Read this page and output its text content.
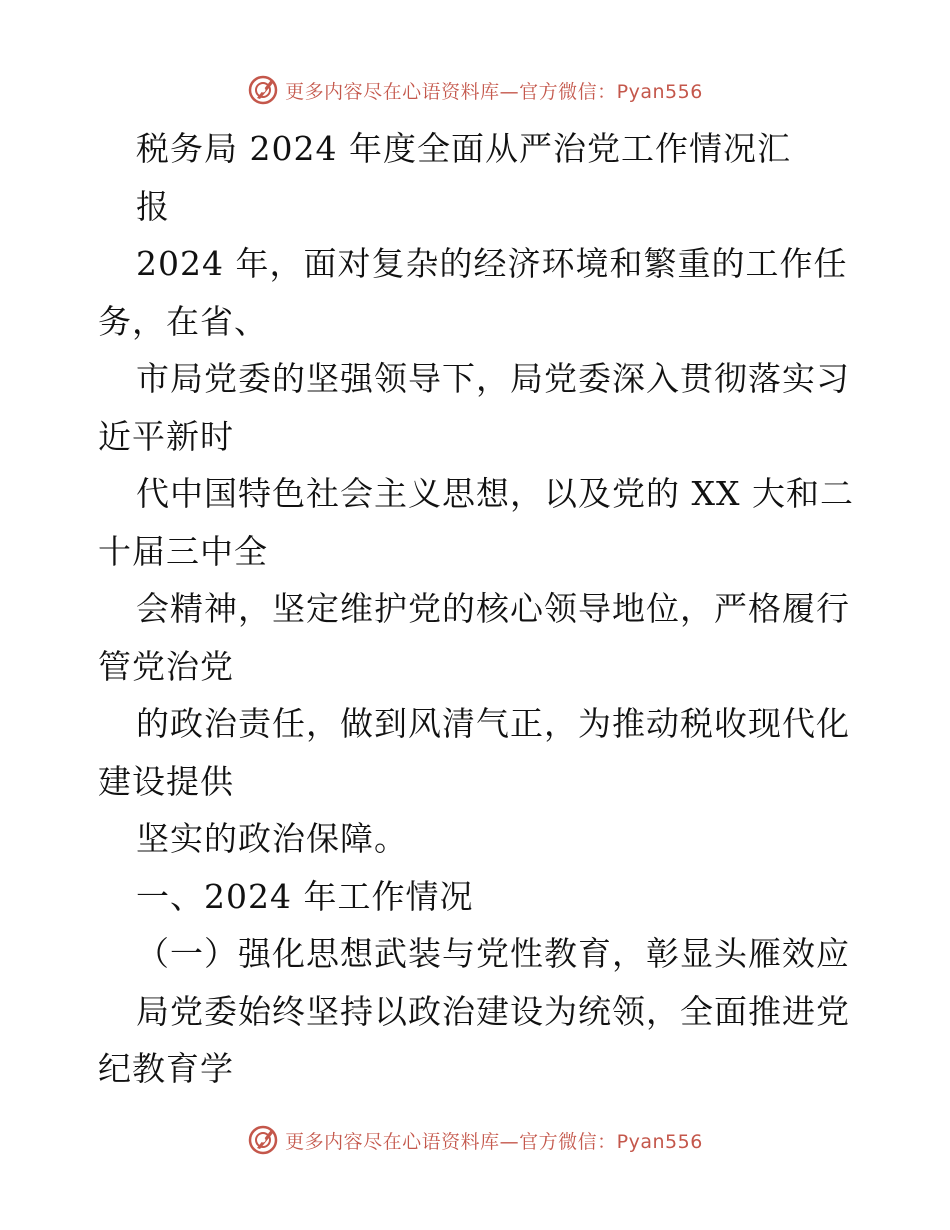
更多内容尽在心语资料库—官方微信：Pyan556
税务局 2024 年度全面从严治党工作情况汇
报
2024 年，面对复杂的经济环境和繁重的工作任
务，在省、
市局党委的坚强领导下，局党委深入贯彻落实习
近平新时
代中国特色社会主义思想，以及党的 XX 大和二
十届三中全
会精神，坚定维护党的核心领导地位，严格履行
管党治党
的政治责任，做到风清气正，为推动税收现代化
建设提供
坚实的政治保障。
一、2024 年工作情况
（一）强化思想武装与党性教育，彰显头雁效应
局党委始终坚持以政治建设为统领，全面推进党
纪教育学
更多内容尽在心语资料库—官方微信：Pyan556
